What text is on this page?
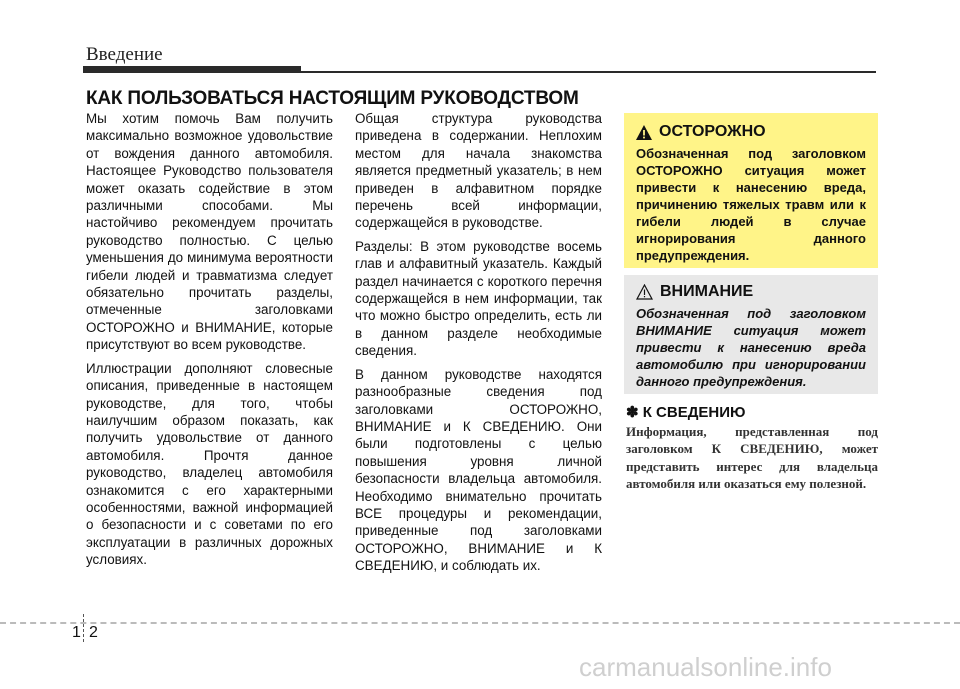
Введение
КАК ПОЛЬЗОВАТЬСЯ НАСТОЯЩИМ РУКОВОДСТВОМ

Мы хотим помочь Вам получить максимально возможное удовольствие от вождения данного автомобиля. Настоящее Руководство пользователя может оказать содействие в этом различными способами. Мы настойчиво рекомендуем прочитать руководство полностью. С целью уменьшения до минимума вероятности гибели людей и травматизма следует обязательно прочитать разделы, отмеченные заголовками ОСТОРОЖНО и ВНИМАНИЕ, которые присутствуют во всем руководстве.

Иллюстрации дополняют словесные описания, приведенные в настоящем руководстве, для того, чтобы наилучшим образом показать, как получить удовольствие от данного автомобиля. Прочтя данное руководство, владелец автомобиля ознакомится с его характерными особенностями, важной информацией о безопасности и с советами по его эксплуатации в различных дорожных условиях.

Общая структура руководства приведена в содержании. Неплохим местом для начала знакомства является предметный указатель; в нем приведен в алфавитном порядке перечень всей информации, содержащейся в руководстве.

Разделы: В этом руководстве восемь глав и алфавитный указатель. Каждый раздел начинается с короткого перечня содержащейся в нем информации, так что можно быстро определить, есть ли в данном разделе необходимые сведения.

В данном руководстве находятся разнообразные сведения под заголовками ОСТОРОЖНО, ВНИМАНИЕ и К СВЕДЕНИЮ. Они были подготовлены с целью повышения уровня личной безопасности владельца автомобиля. Необходимо внимательно прочитать ВСЕ процедуры и рекомендации, приведенные под заголовками ОСТОРОЖНО, ВНИМАНИЕ и К СВЕДЕНИЮ, и соблюдать их.

ОСТОРОЖНО
Обозначенная под заголовком ОСТОРОЖНО ситуация может привести к нанесению вреда, причинению тяжелых травм или к гибели людей в случае игнорирования данного предупреждения.
ВНИМАНИЕ
Обозначенная под заголовком ВНИМАНИЕ ситуация может привести к нанесению вреда автомобилю при игнорировании данного предупреждения.
✽ К СВЕДЕНИЮ
Информация, представленная под заголовком К СВЕДЕНИЮ, может представить интерес для владельца автомобиля или оказаться ему полезной.
1 2
carmanualsonline.info
